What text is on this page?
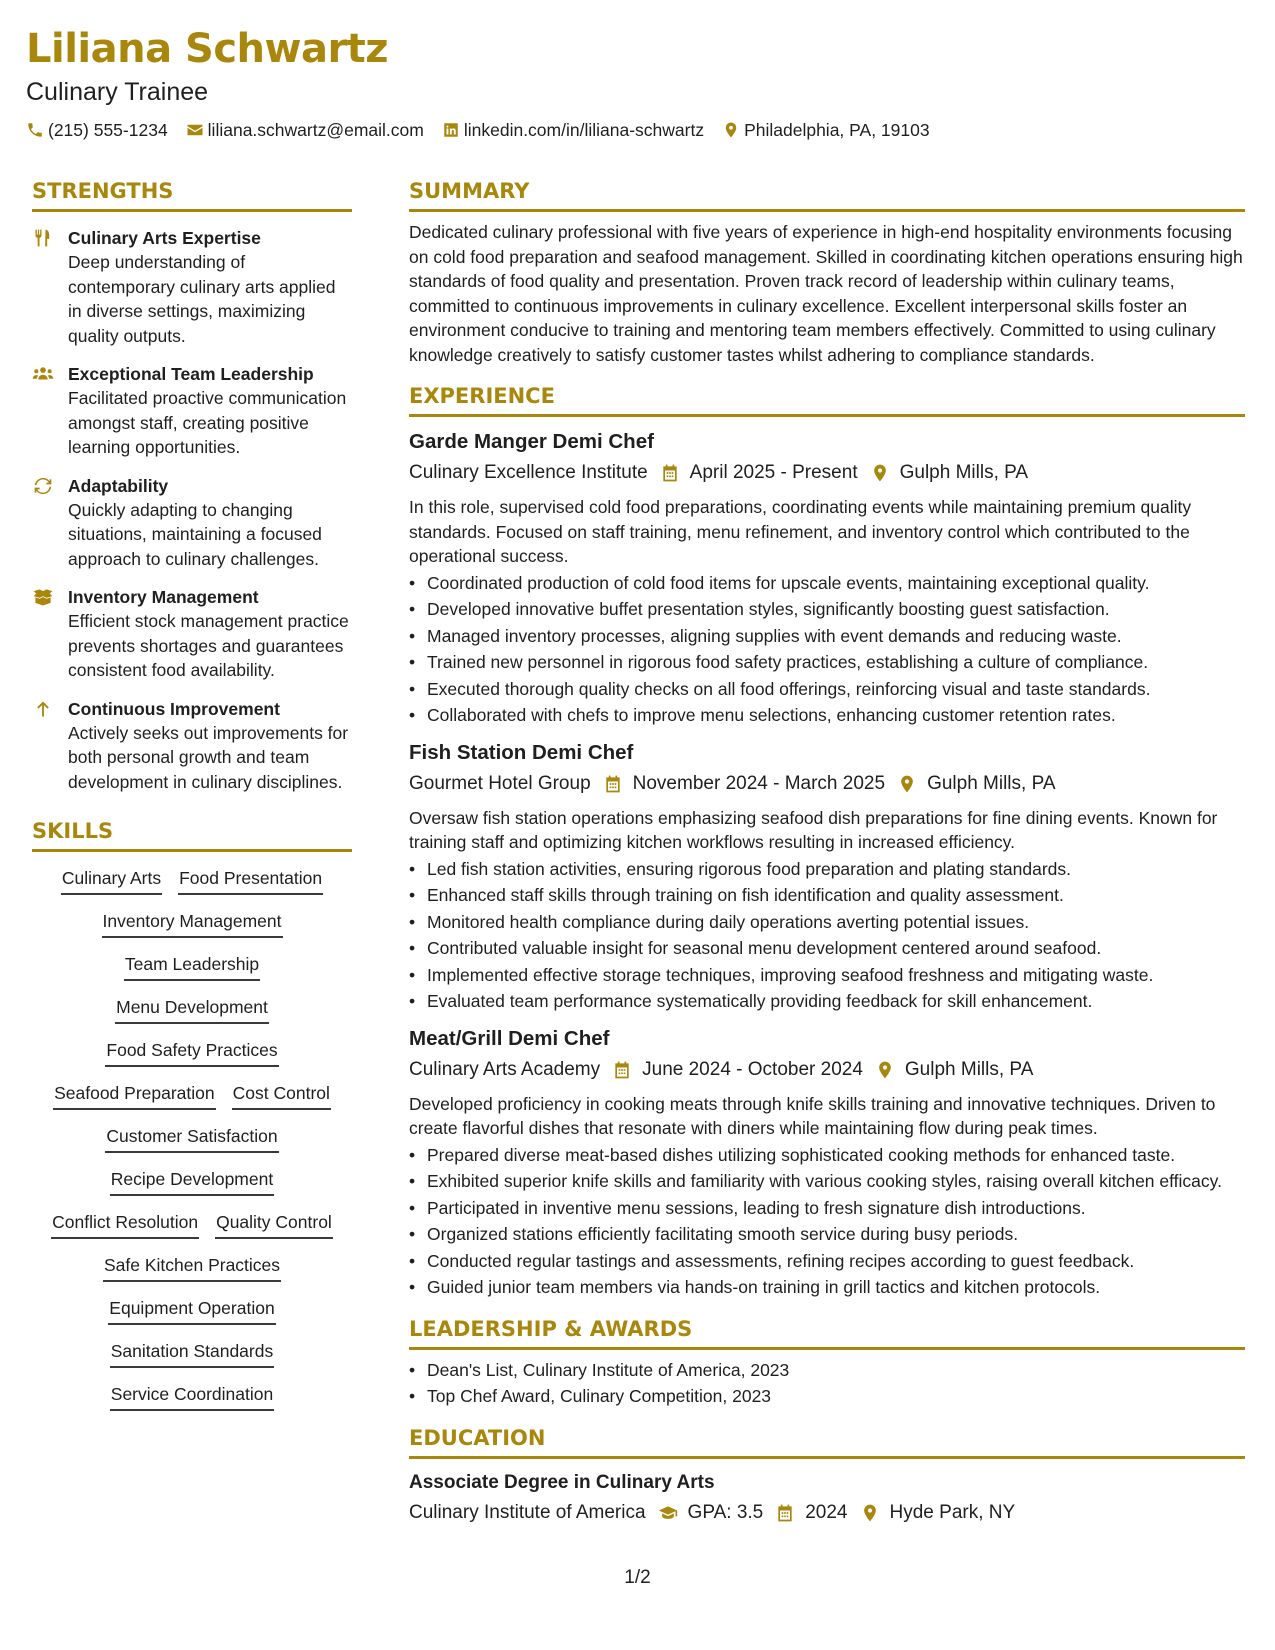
Liliana Schwartz
Culinary Trainee
(215) 555-1234 liliana.schwartz@email.com linkedin.com/in/liliana-schwartz Philadelphia, PA, 19103
STRENGTHS
Culinary Arts Expertise
Deep understanding of contemporary culinary arts applied in diverse settings, maximizing quality outputs.
Exceptional Team Leadership
Facilitated proactive communication amongst staff, creating positive learning opportunities.
Adaptability
Quickly adapting to changing situations, maintaining a focused approach to culinary challenges.
Inventory Management
Efficient stock management practice prevents shortages and guarantees consistent food availability.
Continuous Improvement
Actively seeks out improvements for both personal growth and team development in culinary disciplines.
SKILLS
Culinary Arts Food Presentation
Inventory Management
Team Leadership
Menu Development
Food Safety Practices
Seafood Preparation Cost Control
Customer Satisfaction
Recipe Development
Conflict Resolution Quality Control
Safe Kitchen Practices
Equipment Operation
Sanitation Standards
Service Coordination
SUMMARY
Dedicated culinary professional with five years of experience in high-end hospitality environments focusing on cold food preparation and seafood management. Skilled in coordinating kitchen operations ensuring high standards of food quality and presentation. Proven track record of leadership within culinary teams, committed to continuous improvements in culinary excellence. Excellent interpersonal skills foster an environment conducive to training and mentoring team members effectively. Committed to using culinary knowledge creatively to satisfy customer tastes whilst adhering to compliance standards.
EXPERIENCE
Garde Manger Demi Chef
Culinary Excellence Institute April 2025 - Present Gulph Mills, PA
In this role, supervised cold food preparations, coordinating events while maintaining premium quality standards. Focused on staff training, menu refinement, and inventory control which contributed to the operational success.
•
Coordinated production of cold food items for upscale events, maintaining exceptional quality.
•
Developed innovative buffet presentation styles, significantly boosting guest satisfaction.
•
Managed inventory processes, aligning supplies with event demands and reducing waste.
•
Trained new personnel in rigorous food safety practices, establishing a culture of compliance.
•
Executed thorough quality checks on all food offerings, reinforcing visual and taste standards.
•
Collaborated with chefs to improve menu selections, enhancing customer retention rates.
Fish Station Demi Chef
Gourmet Hotel Group November 2024 - March 2025 Gulph Mills, PA
Oversaw fish station operations emphasizing seafood dish preparations for fine dining events. Known for training staff and optimizing kitchen workflows resulting in increased efficiency.
•
Led fish station activities, ensuring rigorous food preparation and plating standards.
•
Enhanced staff skills through training on fish identification and quality assessment.
•
Monitored health compliance during daily operations averting potential issues.
•
Contributed valuable insight for seasonal menu development centered around seafood.
•
Implemented effective storage techniques, improving seafood freshness and mitigating waste.
•
Evaluated team performance systematically providing feedback for skill enhancement.
Meat/Grill Demi Chef
Culinary Arts Academy June 2024 - October 2024 Gulph Mills, PA
Developed proficiency in cooking meats through knife skills training and innovative techniques. Driven to create flavorful dishes that resonate with diners while maintaining flow during peak times.
•
Prepared diverse meat-based dishes utilizing sophisticated cooking methods for enhanced taste.
•
Exhibited superior knife skills and familiarity with various cooking styles, raising overall kitchen efficacy.
•
Participated in inventive menu sessions, leading to fresh signature dish introductions.
•
Organized stations efficiently facilitating smooth service during busy periods.
•
Conducted regular tastings and assessments, refining recipes according to guest feedback.
•
Guided junior team members via hands-on training in grill tactics and kitchen protocols.
LEADERSHIP & AWARDS
•
Dean's List, Culinary Institute of America, 2023
•
Top Chef Award, Culinary Competition, 2023
EDUCATION
Associate Degree in Culinary Arts
Culinary Institute of America GPA: 3.5 2024 Hyde Park, NY
1/2
